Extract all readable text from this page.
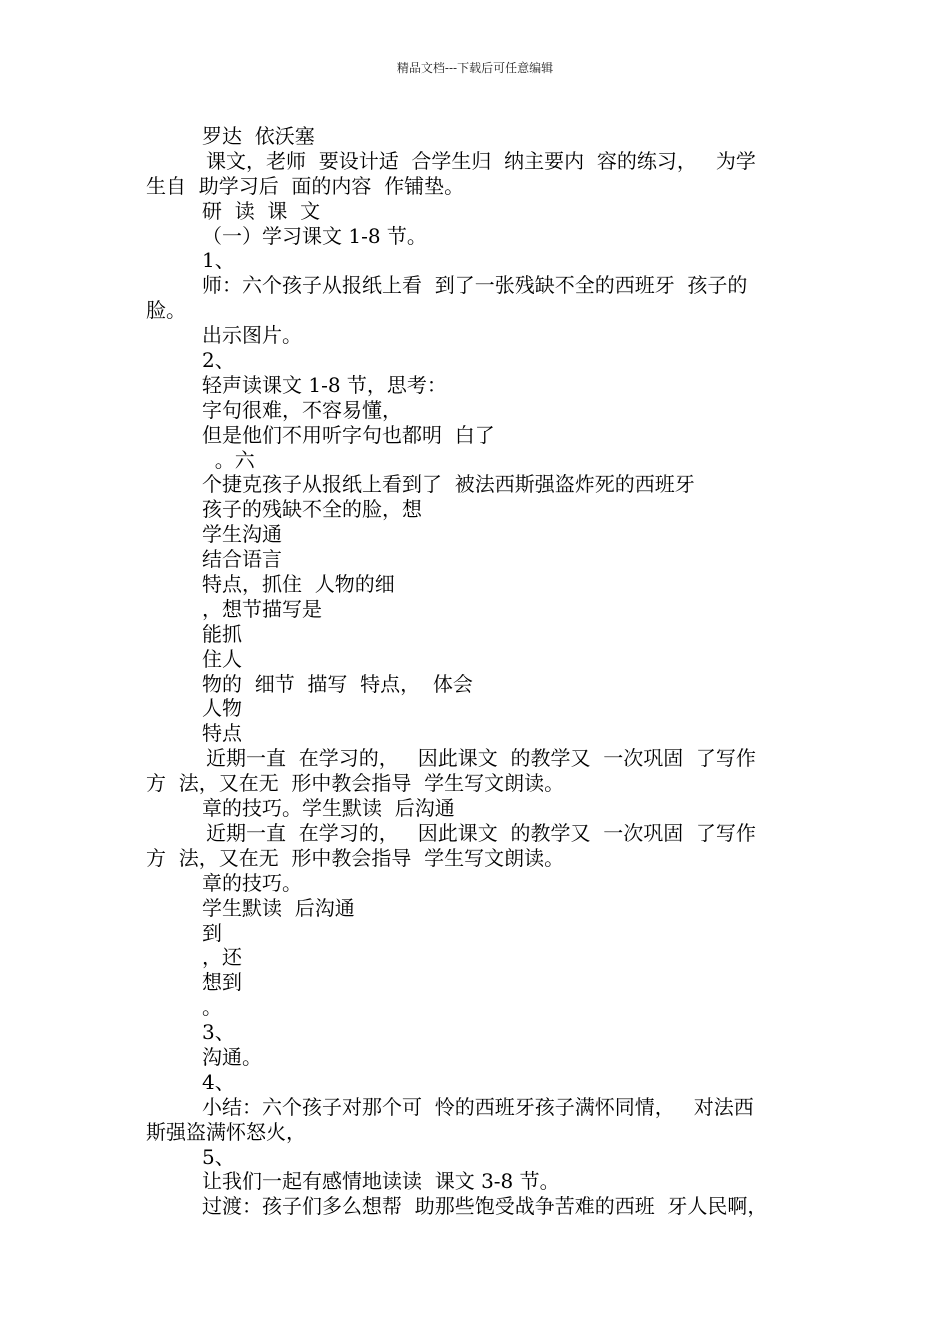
精品文档---下载后可任意编辑
罗达  依沃塞
课文，老师  要设计适  合学生归  纳主要内  容的练习，   为学
生自  助学习后  面的内容  作铺垫。
研  读  课  文
（一）学习课文 1-8 节。
1、
师：六个孩子从报纸上看  到了一张残缺不全的西班牙  孩子的
脸。
出示图片。
2、
轻声读课文 1-8 节，思考：
字句很难，不容易懂，
但是他们不用听字句也都明  白了
。六
个捷克孩子从报纸上看到了  被法西斯强盗炸死的西班牙
孩子的残缺不全的脸，想
学生沟通
结合语言
特点，抓住  人物的细
，想节描写是
能抓
住人
物的  细节  描写  特点，  体会
人物
特点
近期一直  在学习的，   因此课文  的教学又  一次巩固  了写作
方  法，又在无  形中教会指导  学生写文朗读。
章的技巧。学生默读  后沟通
近期一直  在学习的，   因此课文  的教学又  一次巩固  了写作
方  法，又在无  形中教会指导  学生写文朗读。
章的技巧。
学生默读  后沟通
到
，还
想到
。
3、
沟通。
4、
小结：六个孩子对那个可  怜的西班牙孩子满怀同情，   对法西
斯强盗满怀怒火，
5、
让我们一起有感情地读读  课文 3-8 节。
过渡：孩子们多么想帮  助那些饱受战争苦难的西班  牙人民啊，
